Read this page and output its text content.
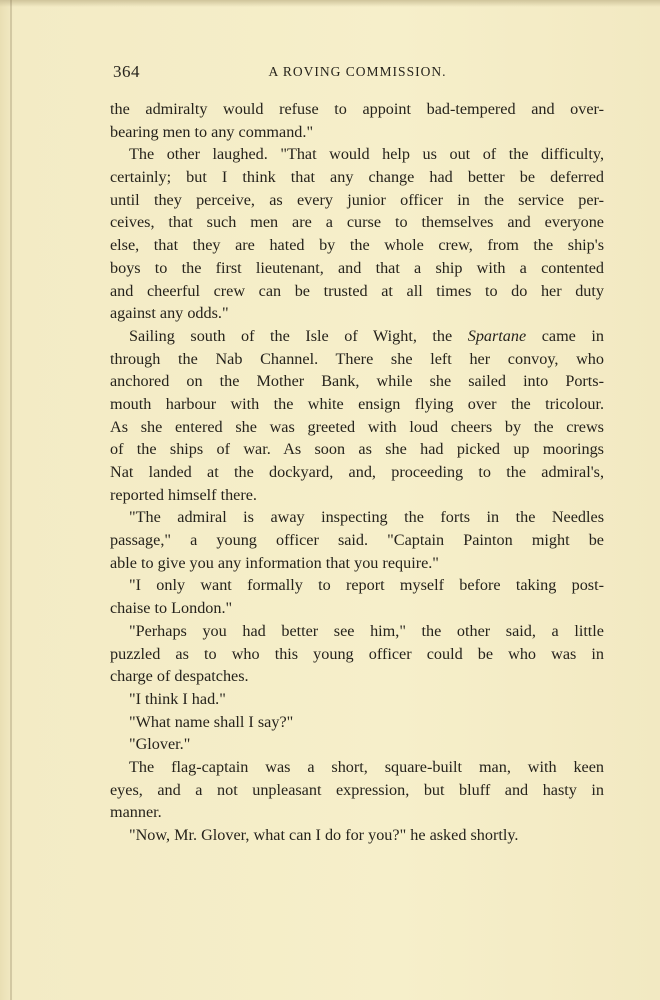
364	A ROVING COMMISSION.
the admiralty would refuse to appoint bad-tempered and over-
bearing men to any command."
The other laughed. "That would help us out of the difficulty,
certainly; but I think that any change had better be deferred
until they perceive, as every junior officer in the service per-
ceives, that such men are a curse to themselves and everyone
else, that they are hated by the whole crew, from the ship's
boys to the first lieutenant, and that a ship with a contented
and cheerful crew can be trusted at all times to do her duty
against any odds."
Sailing south of the Isle of Wight, the Spartane came in
through the Nab Channel. There she left her convoy, who
anchored on the Mother Bank, while she sailed into Ports-
mouth harbour with the white ensign flying over the tricolour.
As she entered she was greeted with loud cheers by the crews
of the ships of war. As soon as she had picked up moorings
Nat landed at the dockyard, and, proceeding to the admiral's,
reported himself there.
"The admiral is away inspecting the forts in the Needles
passage," a young officer said. "Captain Painton might be
able to give you any information that you require."
"I only want formally to report myself before taking post-
chaise to London."
"Perhaps you had better see him," the other said, a little
puzzled as to who this young officer could be who was in
charge of despatches.
"I think I had."
"What name shall I say?"
"Glover."
The flag-captain was a short, square-built man, with keen
eyes, and a not unpleasant expression, but bluff and hasty in
manner.
"Now, Mr. Glover, what can I do for you?" he asked shortly.
